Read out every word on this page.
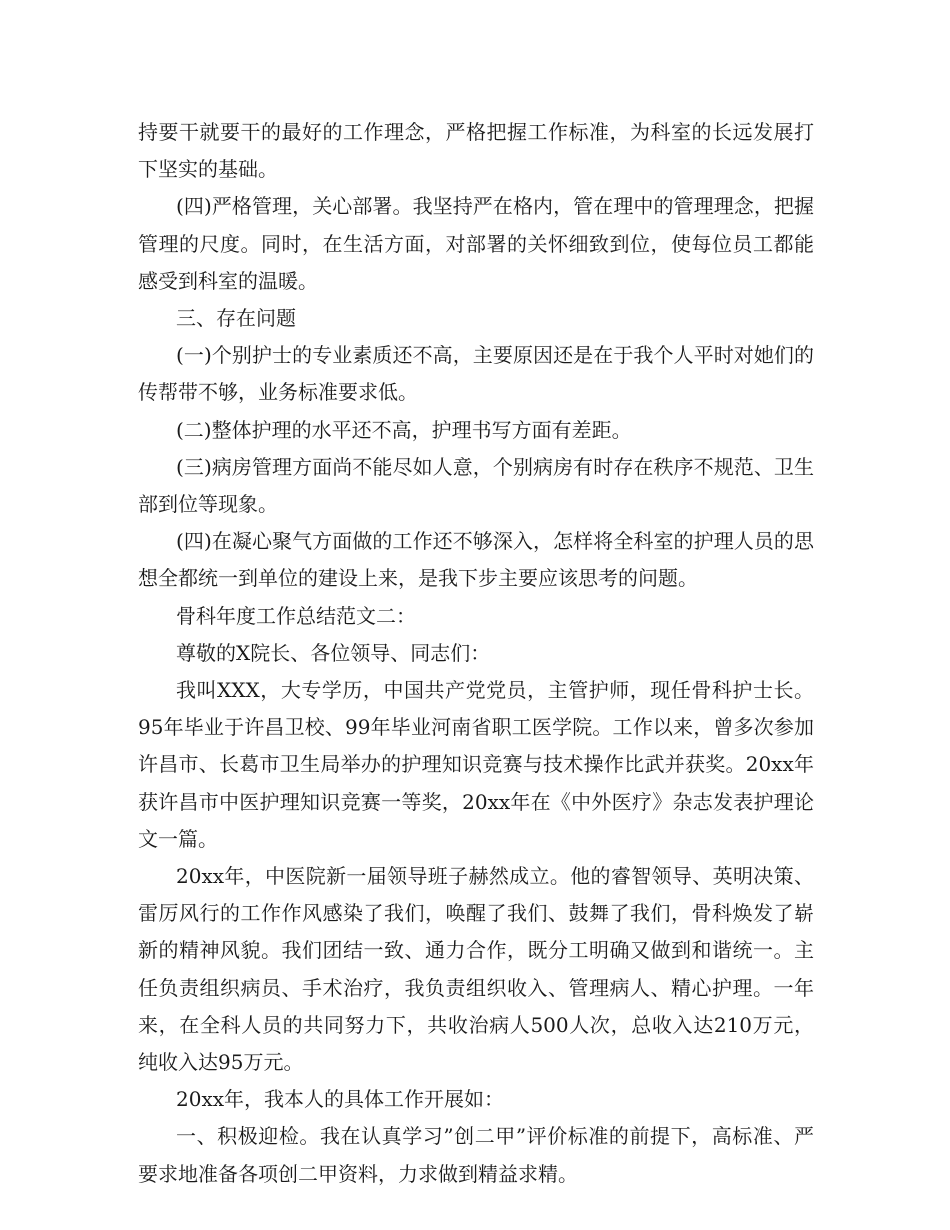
持要干就要干的最好的工作理念，严格把握工作标准，为科室的长远发展打下坚实的基础。

(四)严格管理，关心部署。我坚持严在格内，管在理中的管理理念，把握管理的尺度。同时，在生活方面，对部署的关怀细致到位，使每位员工都能感受到科室的温暖。

三、存在问题

(一)个别护士的专业素质还不高，主要原因还是在于我个人平时对她们的传帮带不够，业务标准要求低。

(二)整体护理的水平还不高，护理书写方面有差距。

(三)病房管理方面尚不能尽如人意，个别病房有时存在秩序不规范、卫生部到位等现象。

(四)在凝心聚气方面做的工作还不够深入，怎样将全科室的护理人员的思想全都统一到单位的建设上来，是我下步主要应该思考的问题。

骨科年度工作总结范文二：

尊敬的X院长、各位领导、同志们：

我叫XXX，大专学历，中国共产党党员，主管护师，现任骨科护士长。95年毕业于许昌卫校、99年毕业河南省职工医学院。工作以来，曾多次参加许昌市、长葛市卫生局举办的护理知识竞赛与技术操作比武并获奖。20xx年获许昌市中医护理知识竞赛一等奖，20xx年在《中外医疗》杂志发表护理论文一篇。

20xx年，中医院新一届领导班子赫然成立。他的睿智领导、英明决策、雷厉风行的工作作风感染了我们，唤醒了我们、鼓舞了我们，骨科焕发了崭新的精神风貌。我们团结一致、通力合作，既分工明确又做到和谐统一。主任负责组织病员、手术治疗，我负责组织收入、管理病人、精心护理。一年来，在全科人员的共同努力下，共收治病人500人次，总收入达210万元，纯收入达95万元。

20xx年，我本人的具体工作开展如：

一、积极迎检。我在认真学习”创二甲”评价标准的前提下，高标准、严要求地准备各项创二甲资料，力求做到精益求精。
